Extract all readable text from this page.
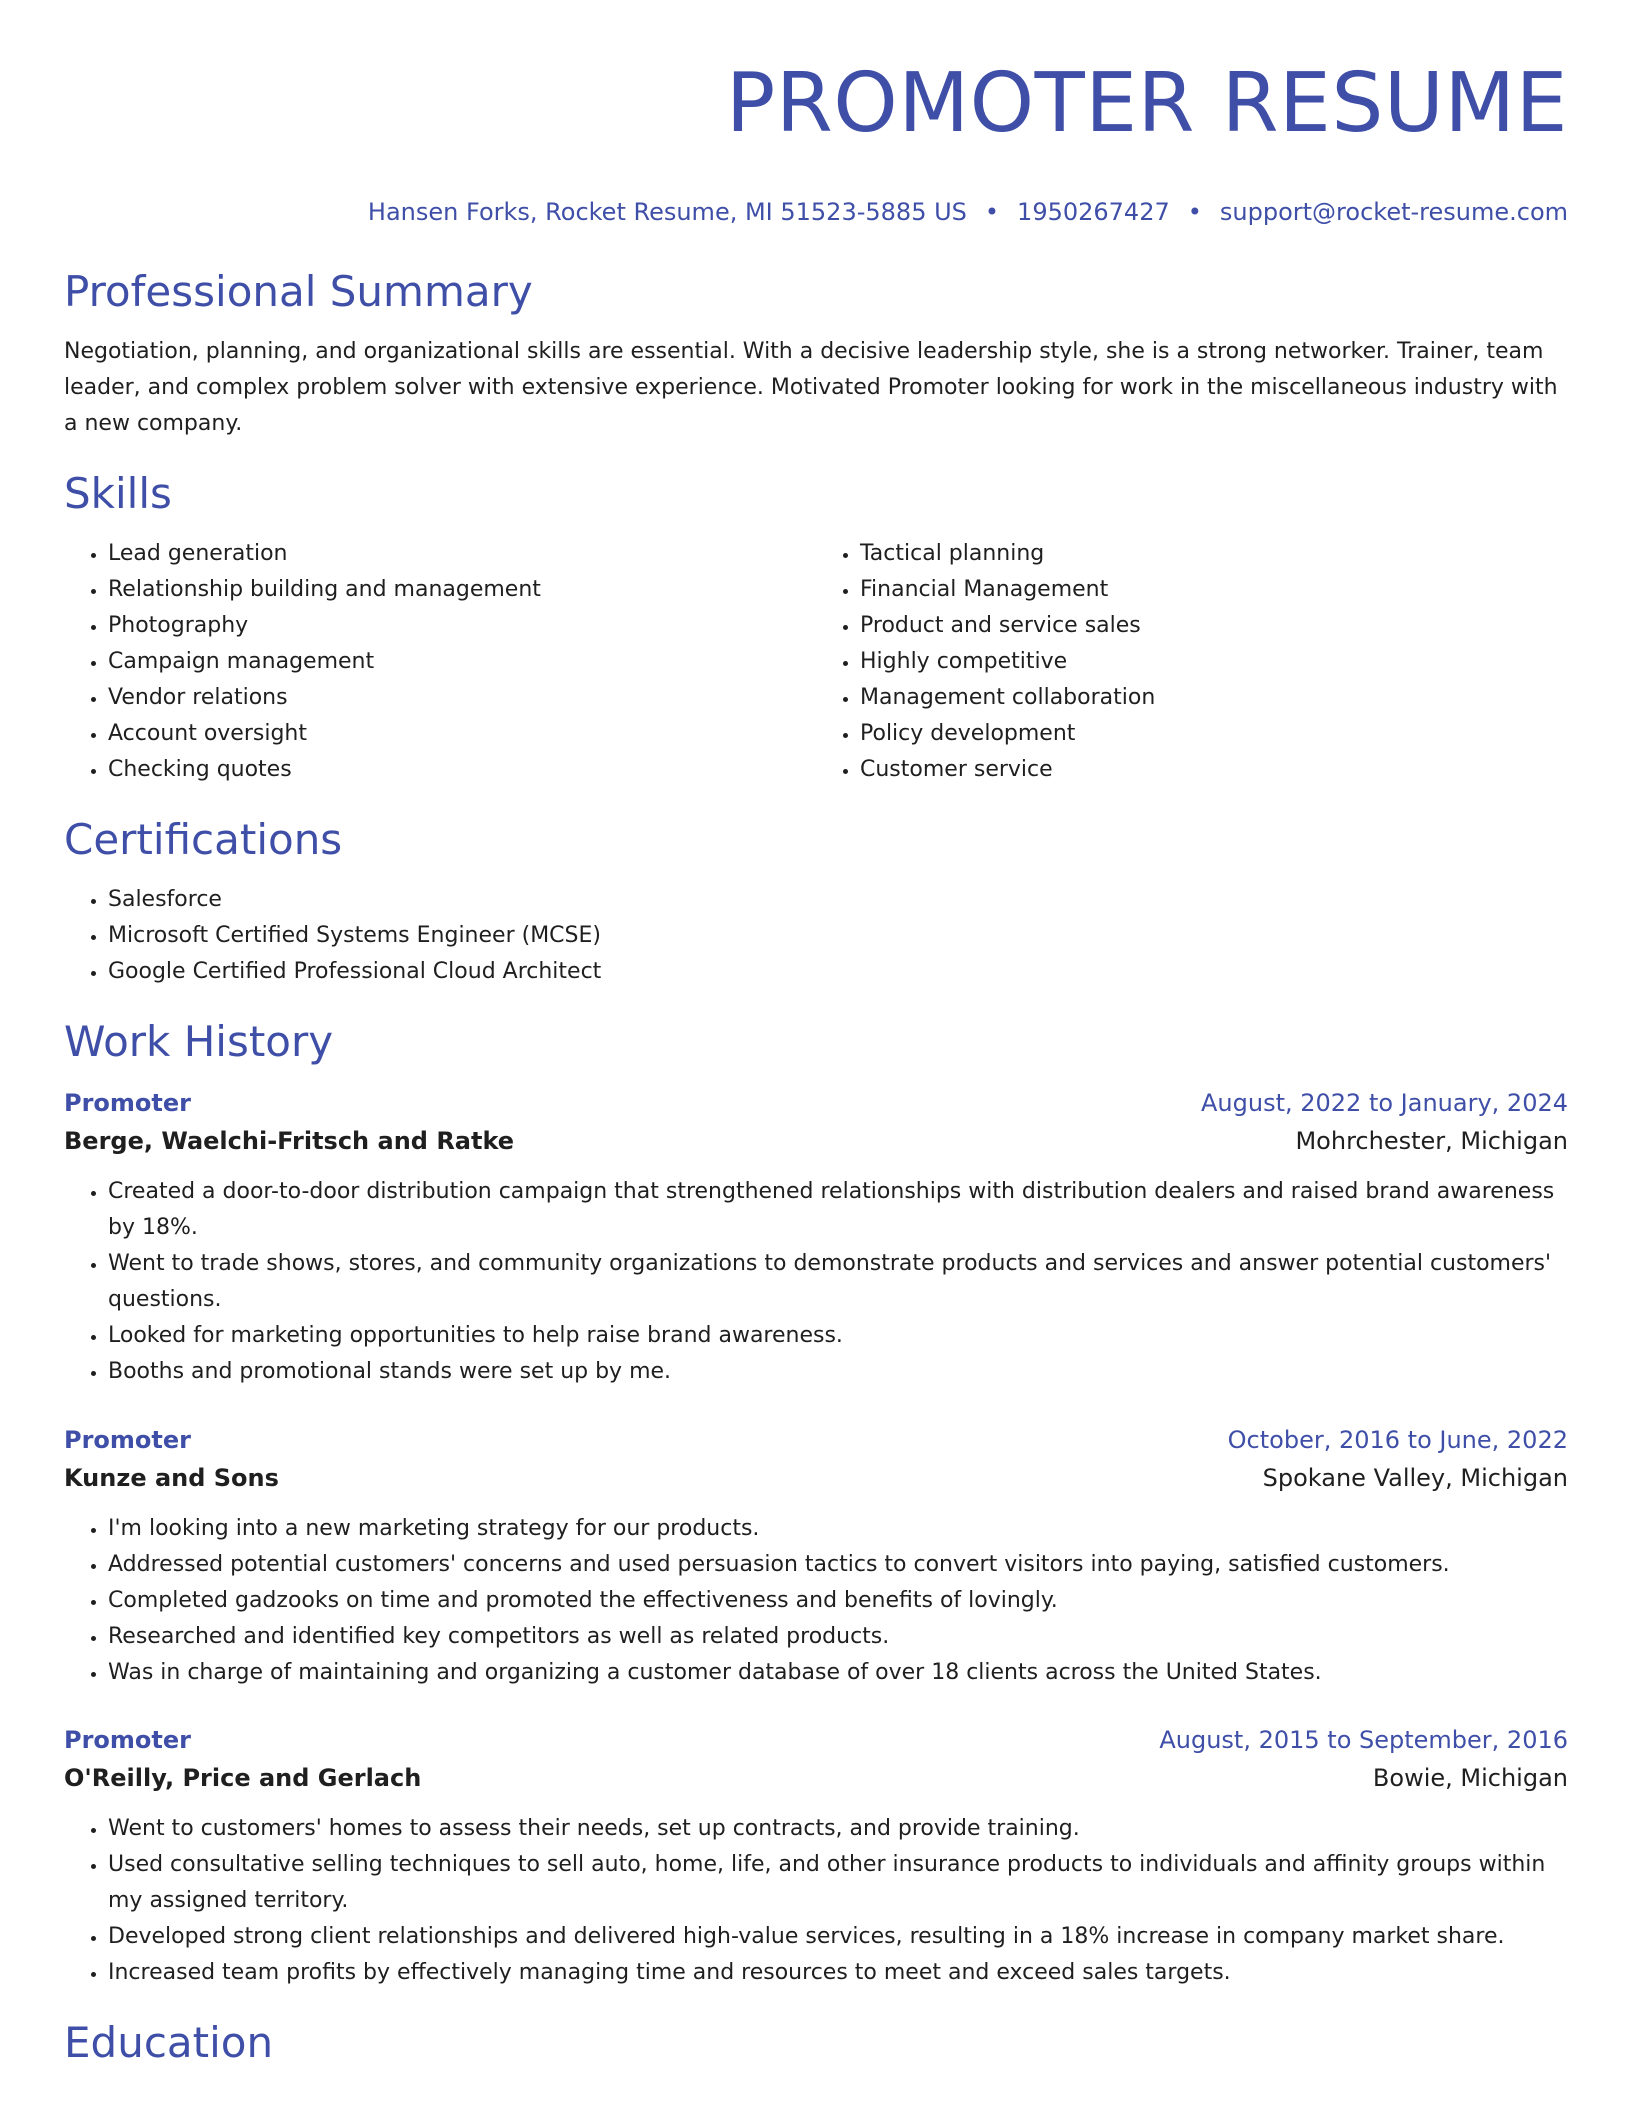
PROMOTER RESUME
Hansen Forks, Rocket Resume, MI 51523-5885 US • 1950267427 • support@rocket-resume.com
Professional Summary

Negotiation, planning, and organizational skills are essential. With a decisive leadership style, she is a strong networker. Trainer, team leader, and complex problem solver with extensive experience. Motivated Promoter looking for work in the miscellaneous industry with a new company.

Skills
• Lead generation
• Relationship building and management
• Photography
• Campaign management
• Vendor relations
• Account oversight
• Checking quotes
• Tactical planning
• Financial Management
• Product and service sales
• Highly competitive
• Management collaboration
• Policy development
• Customer service
Certifications
• Salesforce
• Microsoft Certified Systems Engineer (MCSE)
• Google Certified Professional Cloud Architect
Work History
Promoter	August, 2022 to January, 2024
Berge, Waelchi-Fritsch and Ratke	Mohrchester, Michigan
• Created a door-to-door distribution campaign that strengthened relationships with distribution dealers and raised brand awareness by 18%.
• Went to trade shows, stores, and community organizations to demonstrate products and services and answer potential customers' questions.
• Looked for marketing opportunities to help raise brand awareness.
• Booths and promotional stands were set up by me.
Promoter	October, 2016 to June, 2022
Kunze and Sons	Spokane Valley, Michigan
• I'm looking into a new marketing strategy for our products.
• Addressed potential customers' concerns and used persuasion tactics to convert visitors into paying, satisfied customers.
• Completed gadzooks on time and promoted the effectiveness and benefits of lovingly.
• Researched and identified key competitors as well as related products.
• Was in charge of maintaining and organizing a customer database of over 18 clients across the United States.
Promoter	August, 2015 to September, 2016
O'Reilly, Price and Gerlach	Bowie, Michigan
• Went to customers' homes to assess their needs, set up contracts, and provide training.
• Used consultative selling techniques to sell auto, home, life, and other insurance products to individuals and affinity groups within my assigned territory.
• Developed strong client relationships and delivered high-value services, resulting in a 18% increase in company market share.
• Increased team profits by effectively managing time and resources to meet and exceed sales targets.
Education
